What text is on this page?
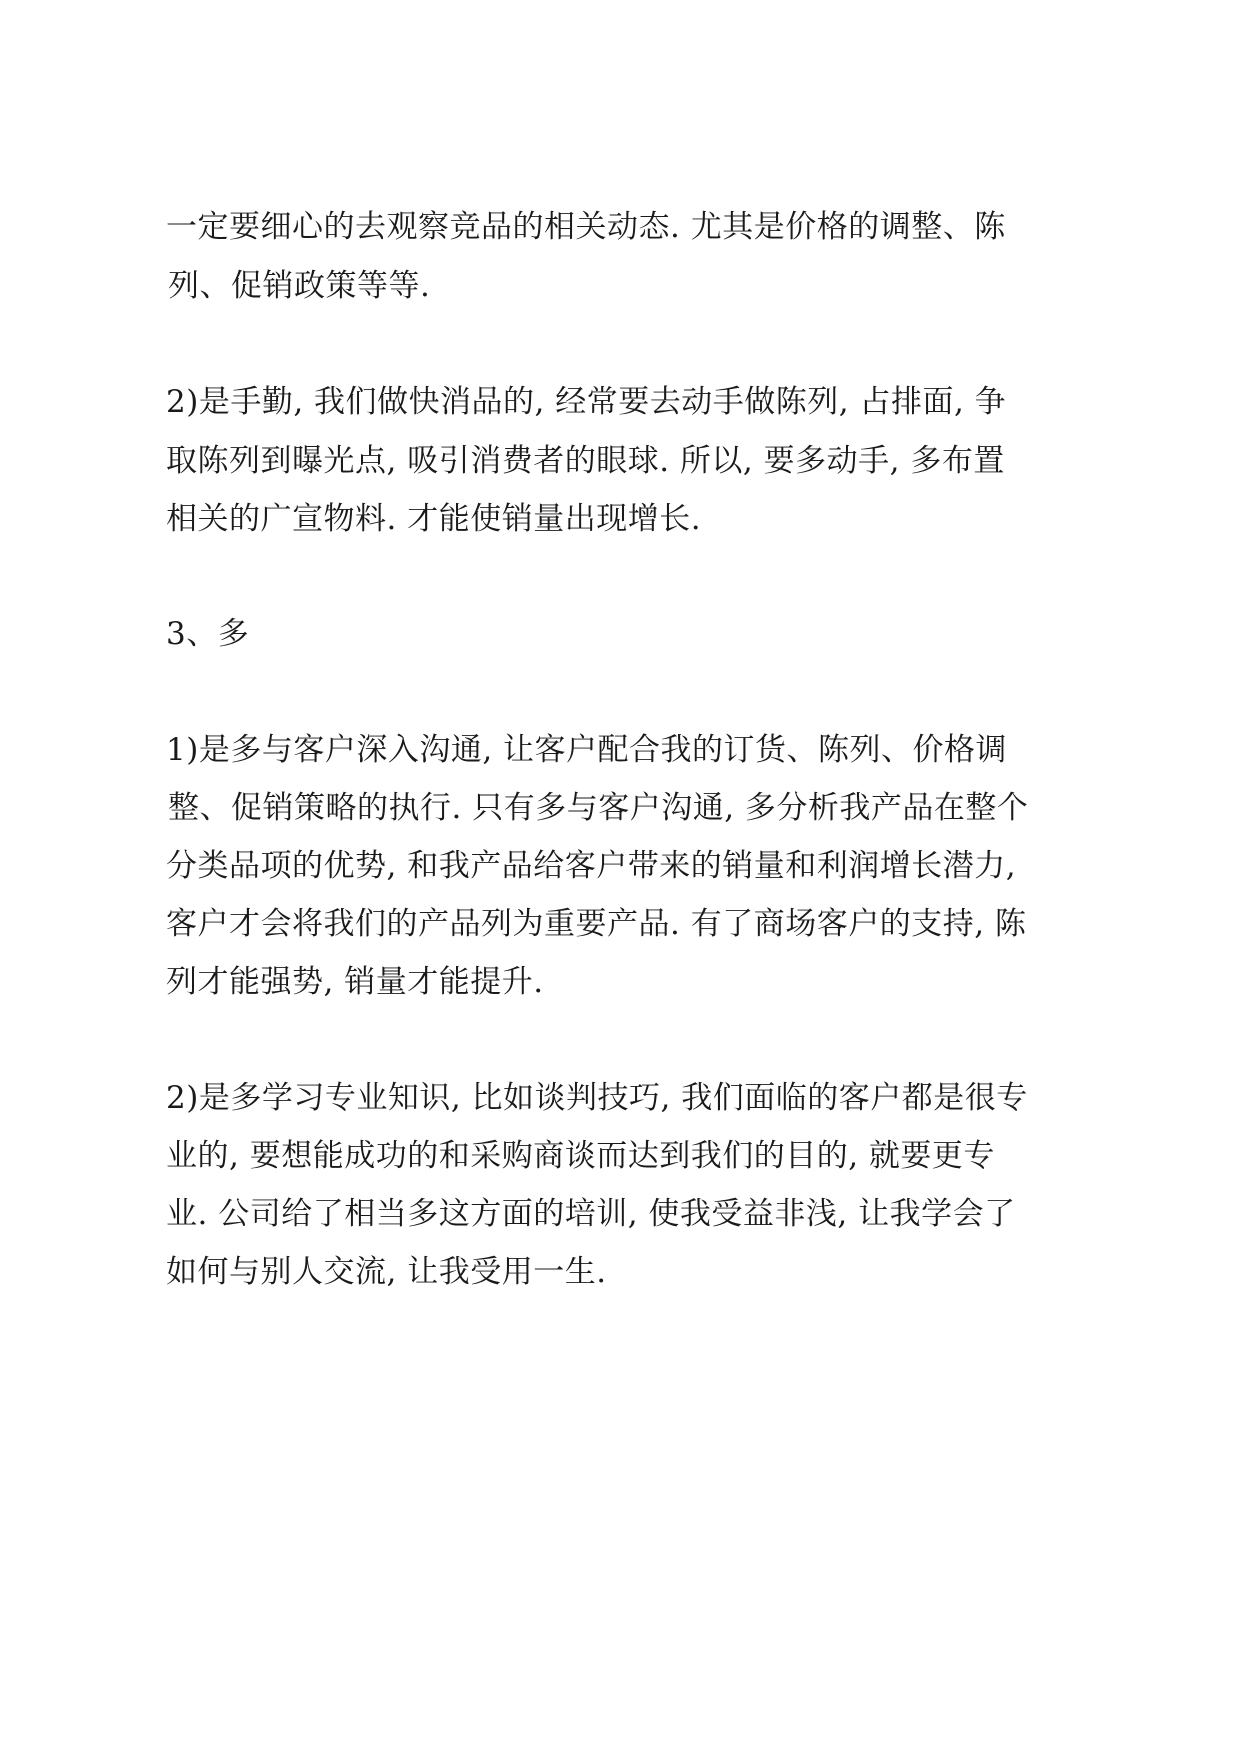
一定要细心的去观察竞品的相关动态. 尤其是价格的调整、陈

列、促销政策等等.

2)是手勤, 我们做快消品的, 经常要去动手做陈列, 占排面, 争

取陈列到曝光点, 吸引消费者的眼球. 所以, 要多动手, 多布置

相关的广宣物料. 才能使销量出现增长.

3、多

1)是多与客户深入沟通, 让客户配合我的订货、陈列、价格调

整、促销策略的执行. 只有多与客户沟通, 多分析我产品在整个

分类品项的优势, 和我产品给客户带来的销量和利润增长潜力,

客户才会将我们的产品列为重要产品. 有了商场客户的支持, 陈

列才能强势, 销量才能提升.

2)是多学习专业知识, 比如谈判技巧, 我们面临的客户都是很专

业的, 要想能成功的和采购商谈而达到我们的目的, 就要更专

业. 公司给了相当多这方面的培训, 使我受益非浅, 让我学会了

如何与别人交流, 让我受用一生.
